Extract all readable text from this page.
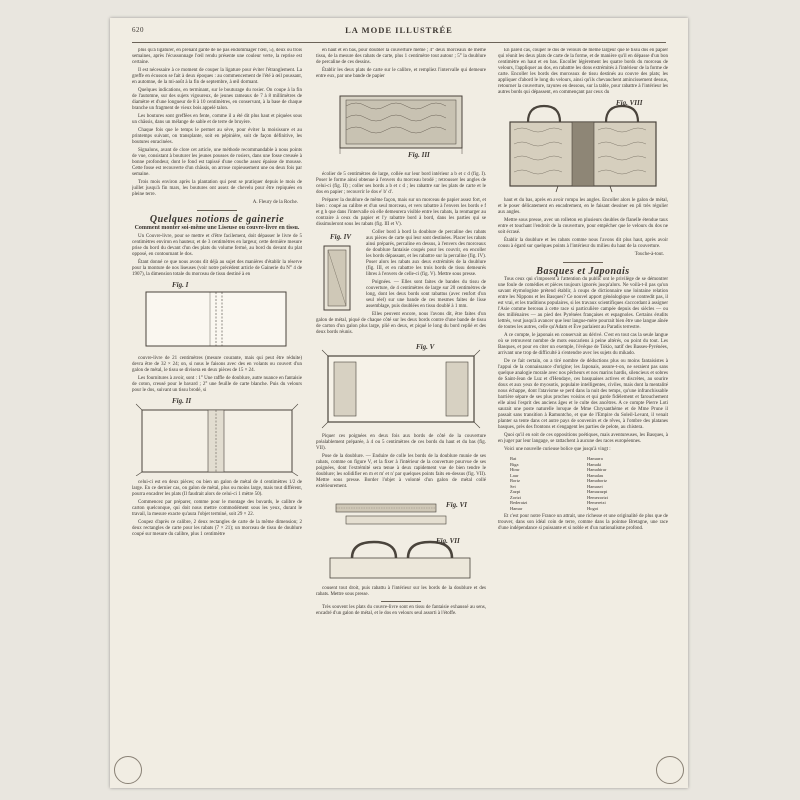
620	LA MODE ILLUSTRÉE

plus qu'à ligaturer, en prenant garde de ne pas endommager l'œil, 5), deux ou trois semaines, après l'écussonnage l'œil rendu présente une couleur verte, la reprise est certaine.

Il est nécessaire à ce moment de couper la ligature pour éviter l'étranglement. La greffe en écusson se fait à deux époques : au commencement de l'été à œil poussant, en automne, de la mi-août à la fin de septembre, à œil dormant.

Quelques indications, en terminant, sur le bouturage du rosier. On coupe à la fin de l'automne, sur des sujets vigoureux, de jeunes rameaux de 7 à 8 millimètres de diamètre et d'une longueur de 8 à 10 centimètres, en conservant, à la base de chaque branche un fragment de vieux bois appelé talon.

Les boutures sont greffées en fente, comme il a été dit plus haut et piquées sous un châssis, dans un mélange de sable et de terre de bruyère.

Chaque fois que le temps le permet au sève, pour éviter la moisissure et au printemps suivant, on transplante, soit en pépinière, soit de façon définitive, les boutures enracinées.

Signalons, avant de clore cet article, une méthode recommandable à nous points de vue, consistant à bouturer les jeunes pousses de rosiers, dans une fosse creusée à bonne profondeur, dont le fond est tapissé d'une couche assez épaisse de mousse. Cette fosse est recouverte d'un châssis, on arrose copieusement une ou deux fois par semaine.

Trois mois environ après la plantation qui peut se pratiquer depuis le mois de juillet jusqu'à fin mars, les boutures ont assez de chevelu pour être repiquées en pleine terre.

A. Fleury de la Roche.
Quelques notions de gainerie
Comment monter soi-même une Liseuse ou couvre-livre en tissu.

Un Couvre-livre, pour se mettre et d'être facilement, doit dépasser le livre de 5 centimètres environ en hauteur, et de 3 centimètres en largeur, cette dernière mesure prise du bord du devant d'un des plats du volume fermé, au bord du devant du plat opposé, en contournant le dos.

Étant donné ce que nous avons dit déjà au sujet des manières d'établir la réserve pour la monture de nos liseuses (voir notre précédent article de Gainerie du N° 4 de 1907), la dimension totale du morceau de tissu destiné à en

Fig. I

couvre-livre de 21 centimètres (mesure courante, mais qui peut être réduite) devra être de 32 × 24; on, si nous le faisons avec des en volants ou couvert d'un galon de métal, le tissu se divisera en deux pièces de 15 × 24.

Les fournitures à avoir, sont : 1° Une raffle de doublure, autre nuance en fantaisie de coton, creusé pour le bavard ; 2° une feuille de carte blanche. Puis du velours pour le dos, suivant un tissu brodé, si

Fig. II

celui-ci est en deux pièces; ou bien un galon de métal de 4 centimètres 1/2 de large. En ce dernier cas, on galon de métal, plus ou moins large, mais tout différent, pourra encadrer les plats (Il faudrait alors de celui-ci 1 mètre 50).

Commencez par préparer, comme pour le montage des buvards, le calibre de carton quelconque, qui doit nous mettre commodément sous les yeux, durant le travail, la mesure exacte qu'aura l'objet terminé, soit 29 × 22.

Coupez d'après ce calibre, 2 deux rectangles de carte de la même dimension; 2 deux rectangles de carte pour les rabats (7 × 21); un morceau de tissu de doublure coupé sur mesure du calibre, plus 1 centimètre

en haut et en bas, pour doubler la couverture même ; 4° deux morceaux de même tissu, de la mesure des rabats de carte, plus 1 centimètre tout autour ; 5° la doublure de percaline de ces dessins.

Établir les deux plats de carte sur le calibre, et rempliez l'intervalle qui demeure entre eux, par une bande de papier

Fig. III

écolier de 5 centimètres de large, collée sur leur bord intérieur a b et c d (fig. I). Poser le forme ainsi obtenue à l'envers du morceau brodé ; retrousser les angles de celui-ci (fig. II) ; coller ses bords a b et c d ; les rabattre sur les plats de carte et le dos en papier ; recouvrir le dos e' b' d'.

Préparer la doublure de même façon, mais sur un morceau de papier assez fort, et bien : coupé au calibre et d'un seul morceau, et vers rabattre à l'envers les bords e f et g h que dans l'intervalle où elle demeurera visible entre les rabats, la renmarger au contraire à ceux du papier et l'y rabattre bord à bord, dans les parties qui se dissimuleront sous les rabats (fig. III et V).

Fig. IV

Coller bord à bord la doublure de percaline des rabats aux pièces de carte qui leur sont destinées. Placer les rabats ainsi préparés, percaline en dessus, à l'envers des morceaux de doublure fantaisie coupés pour les couvrir, en encoller les bords dépassant, et les rabattre sur la percaline (fig. IV). Poser alors les rabats aux deux extrémités de la doublure (fig. III, et en rabattre les trois bords de tissu demeurés libres à l'envers de celle-ci (fig. V). Mettre sous presse.

Poignées. — Elles sont faites de bandes du tissu de couverture, de 4 centimètres de large sur 20 centimètres de long, dont les deux bords sont rabattus (avec renfort d'un seul réel) sur une bande de ces mesmes faites de lisse assemblage, puis doublées en tissu doublé à 1 mm.

Elles peuvent encore, nous l'avons dit, être faites d'un galon de métal, piqué de chaque côté sur les deux bords contre d'une bande de tissu de carton d'un galon plus large, plié en deux, et piqué le long du bord replié et des deux bords réunis.

Fig. V

Piquer ces poignées en deux fois aux bords de côté de la couverture préalablement préparée, à 4 ou 5 centimètres de ces bords du haut et du bas (fig. VII).

Pose de la doublure. — Enduire de colle les bords de la doublure munie de ses rabats, comme on figure V, et la fixer à l'intérieur de la couverture pourvue de ses poignées, dont l'extrémité sera tenue à deux rapidement vue de bien tendre le doublure; les solidifier en m et m' et n' par quelques points faits en-dessus (fig. VII). Mettre sous presse. Border l'objet à volonté d'un galon de métal collé extérieurement.

Fig. VI
Fig. VII

cousent tout droit, puis rabattu à l'intérieur sur les bords de la doublure et des rabats. Mettre sous presse.

Très souvent les plats du couvre-livre sont en tissu de fantaisie exhaussé au sens, encadré d'un galon de métal, et le dos en velours seul assorti à l'étoffe.

En pareil cas, couper le dos de velours de même largeur que le tissu dos en papier qui réunit les deux plats de carte de la forme, et de manière qu'il en dépasse d'un bon centimètre en haut et en bas. Encoller légèrement les quatre bords du morceau de velours, l'appliquer au dos, en rabattre les dons extrémités à l'intérieur de la forme de carte. Encoller les bords des morceaux de tissu destinés au couvre des plats; les appliquer d'abord le long du velours, ainsi qu'ils chevauchent amincissement dessus, retourner la couverture, rayures en dessous, sur la table, pour rabattre à l'intérieur les autres bords qui dépassent, en commençant par ceux du

Fig. VIII

haut et du bas, après en avoir rompu les angles. Encoller alors le galon de métal, et le poser délicatement en encadrement, en le faisant dessiner en pli très régulier aux angles.

Mettre sous presse, avec un rolleton en plusieurs doubles de flanelle étendue taux entre et touchant l'endroit de la couverture, pour empêcher que le velours du dos ne soit écrasé.

Établir la doublure et les rabats comme nous l'avons dit plus haut, après avoir cousu à égard sur quelques points à l'intérieur du milieu du haut de la couverture.

Touche-à-tout.
Basques et Japonais

Tous ceux qui s'imposent à l'attention du public ont le privilège de se démontrer une foule de comédies et pièces toujours ignorés jusqu'alors. Ne voilà-t-il pas qu'un savant étymologiste prétend établir, à coups de dictionnaire une lointaine relation entre les Nippons et les Basques? Ce nouvel apport généalogique se contredit pas, il est vrai, et les traditions populaires, si les travaux scientifiques s'accordant à assigner l'Asie comme berceau à cette race si particulière campée depuis des siècles — ou des millénaires — au pied des Pyrénées françaises et espagnoles. Certains érudits lettrés, veut jusqu'à avancer que leur langue-mère pourrait bien être une langue aînée de toutes les autres, celle qu'Adam et Ève parlaient au Paradis terrestre.

A ce compte, le japonais en conservait au dérivé. C'est en tout cas la seule langue où se retrouvent nombre de mots euscariens à peine altérés, ou point du tout. Les Basques, et pour en citer un exemple, l'évêque de Tokio, natif des Basses-Pyrénées, arrivant une trop de difficulté à s'entendre avec les sujets du mikado.

De ce fait certain, on a tiré nombre de déductions plus ou moins fantaisistes à l'appui de la connaissance d'origine; les Japonais, assure-t-on, ne seraient pas sans quelque analogie morale avec nos pêcheurs et nos marins hardis, silencieux et sobres de Saint-Jean de Luz et d'Hendaye, ces basquaises actives et discrètes, au sourire doux et aux yeux de myosotis, populaire intelligentes, civiles, mais dont la mentalité nous échappe, dont l'atavisme se perd dans la nuit des temps, qu'une infranchissable barrière sépare de ses plus proches voisins et qui garde fidèlement et farouchement elle ainsi l'esprit des anciens âges et le culte des ancêtres. A ce compte Pierre Loti saurait une poste naturelle lorsque de Mme Chrysanthème et de Mme Prune il passait sans transition à Ramuntcho, et que de l'Empire du Soleil-Levant, il venait planter sa tente dans cet autre pays de souvenirs et de rêves, à l'ombre des platanes basques, près des frontons et s'engagent les parties de pelote, au chistera.

Quoi qu'il en soit de ces oppositions poétiques, mais aventureuses, les Basques, à en juger par leur langage, se rattachent à aucune des races européennes.

Voici une nouvelle curieuse bolice que jusqu'à vingt :

Bat	Hamarra
Biga	Hamaki
Hirur	Hamahirur
Laur	Hamalau
Bortz	Hamabortz
Sei	Hamasei
Zazpi	Hamazazpi
Zortzi	Hemezortzi
Bederatzi	Hemeretzi
Hamar	Hogoi

Et c'est pour notre France un attrait, une richesse et une originalité de plus que de trouver, dans son idéal coin de terre, comme dans la pointue Bretagne, une race d'une indépendance si puissante et si noble et d'un nationalisme profond.
